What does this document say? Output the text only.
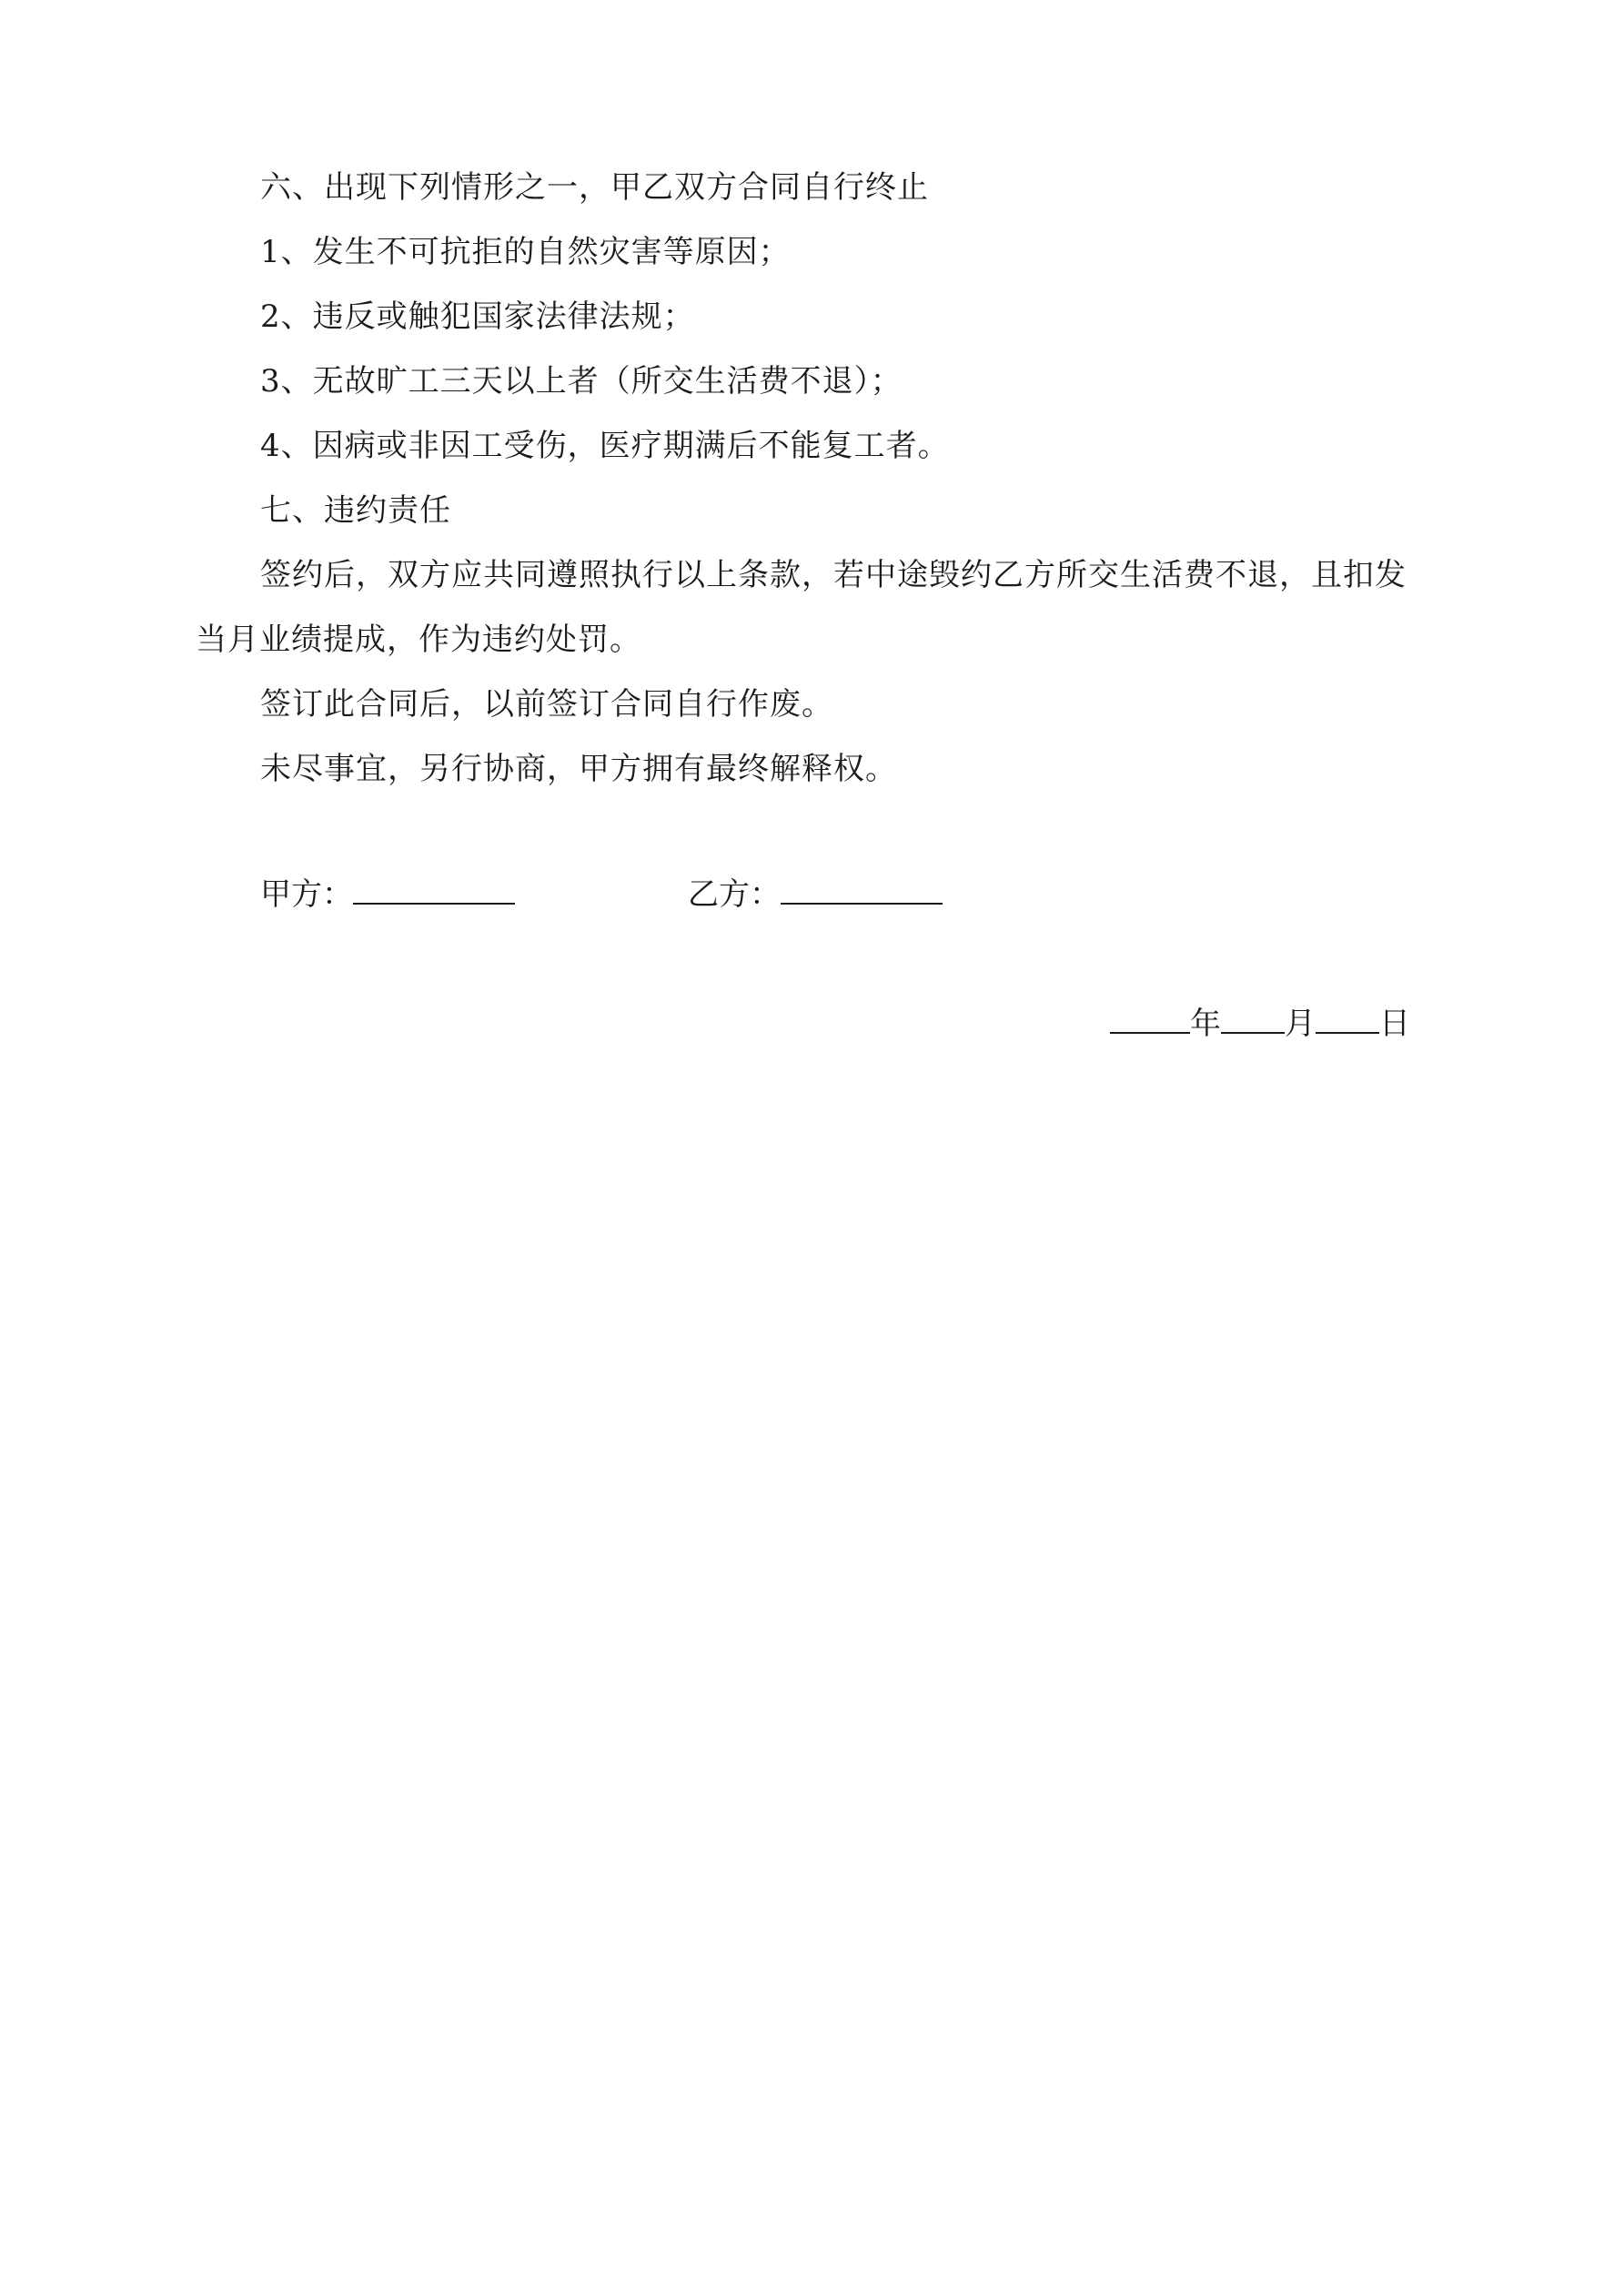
六、出现下列情形之一，甲乙双方合同自行终止
1、发生不可抗拒的自然灾害等原因；
2、违反或触犯国家法律法规；
3、无故旷工三天以上者（所交生活费不退）；
4、因病或非因工受伤，医疗期满后不能复工者。
七、违约责任
签约后，双方应共同遵照执行以上条款，若中途毁约乙方所交生活费不退，且扣发
当月业绩提成，作为违约处罚。
签订此合同后，以前签订合同自行作废。
未尽事宜，另行协商，甲方拥有最终解释权。
甲方：	乙方：
年 月 日
